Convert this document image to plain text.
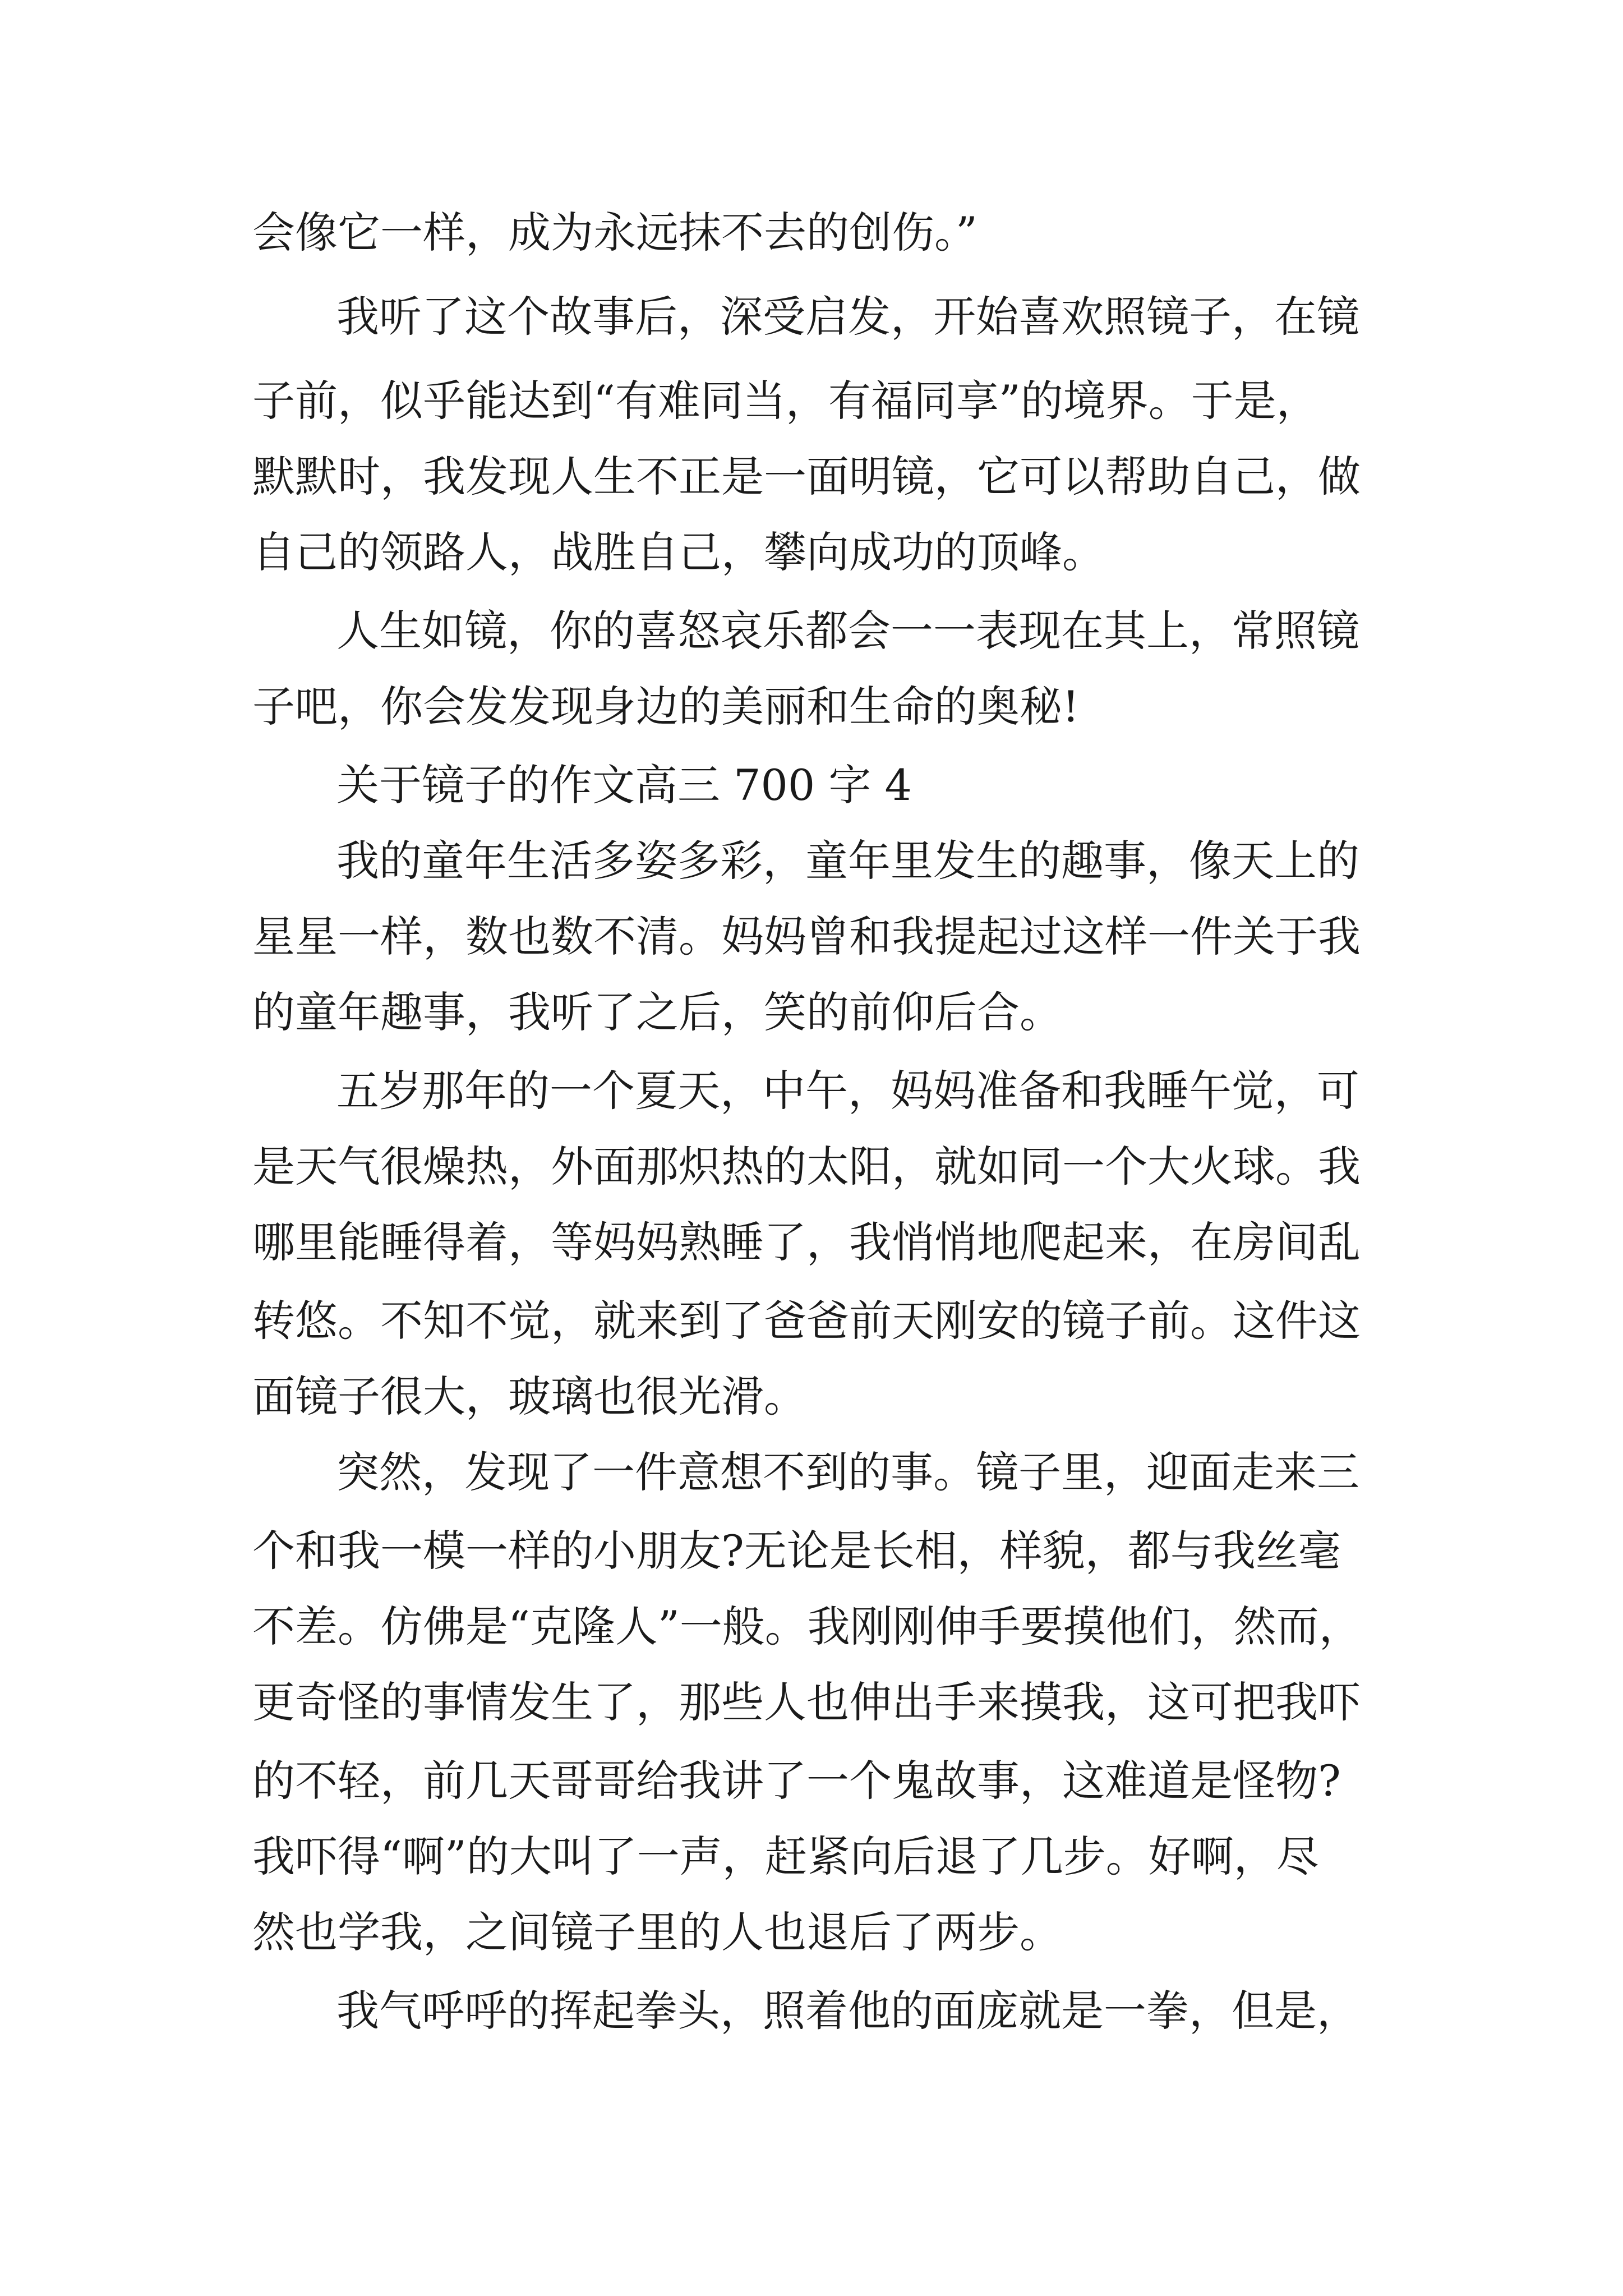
会像它一样，成为永远抹不去的创伤。”
我听了这个故事后，深受启发，开始喜欢照镜子，在镜
子前，似乎能达到“有难同当，有福同享”的境界。于是，
默默时，我发现人生不正是一面明镜，它可以帮助自己，做
自己的领路人，战胜自己，攀向成功的顶峰。
人生如镜，你的喜怒哀乐都会一一表现在其上，常照镜
子吧，你会发发现身边的美丽和生命的奥秘!
关于镜子的作文高三 700 字 4
我的童年生活多姿多彩，童年里发生的趣事，像天上的
星星一样，数也数不清。妈妈曾和我提起过这样一件关于我
的童年趣事，我听了之后，笑的前仰后合。
五岁那年的一个夏天，中午，妈妈准备和我睡午觉，可
是天气很燥热，外面那炽热的太阳，就如同一个大火球。我
哪里能睡得着，等妈妈熟睡了，我悄悄地爬起来，在房间乱
转悠。不知不觉，就来到了爸爸前天刚安的镜子前。这件这
面镜子很大，玻璃也很光滑。
突然，发现了一件意想不到的事。镜子里，迎面走来三
个和我一模一样的小朋友?无论是长相，样貌，都与我丝毫
不差。仿佛是“克隆人”一般。我刚刚伸手要摸他们，然而，
更奇怪的事情发生了，那些人也伸出手来摸我，这可把我吓
的不轻，前几天哥哥给我讲了一个鬼故事，这难道是怪物?
我吓得“啊”的大叫了一声，赶紧向后退了几步。好啊，尽
然也学我，之间镜子里的人也退后了两步。
我气呼呼的挥起拳头，照着他的面庞就是一拳，但是，
